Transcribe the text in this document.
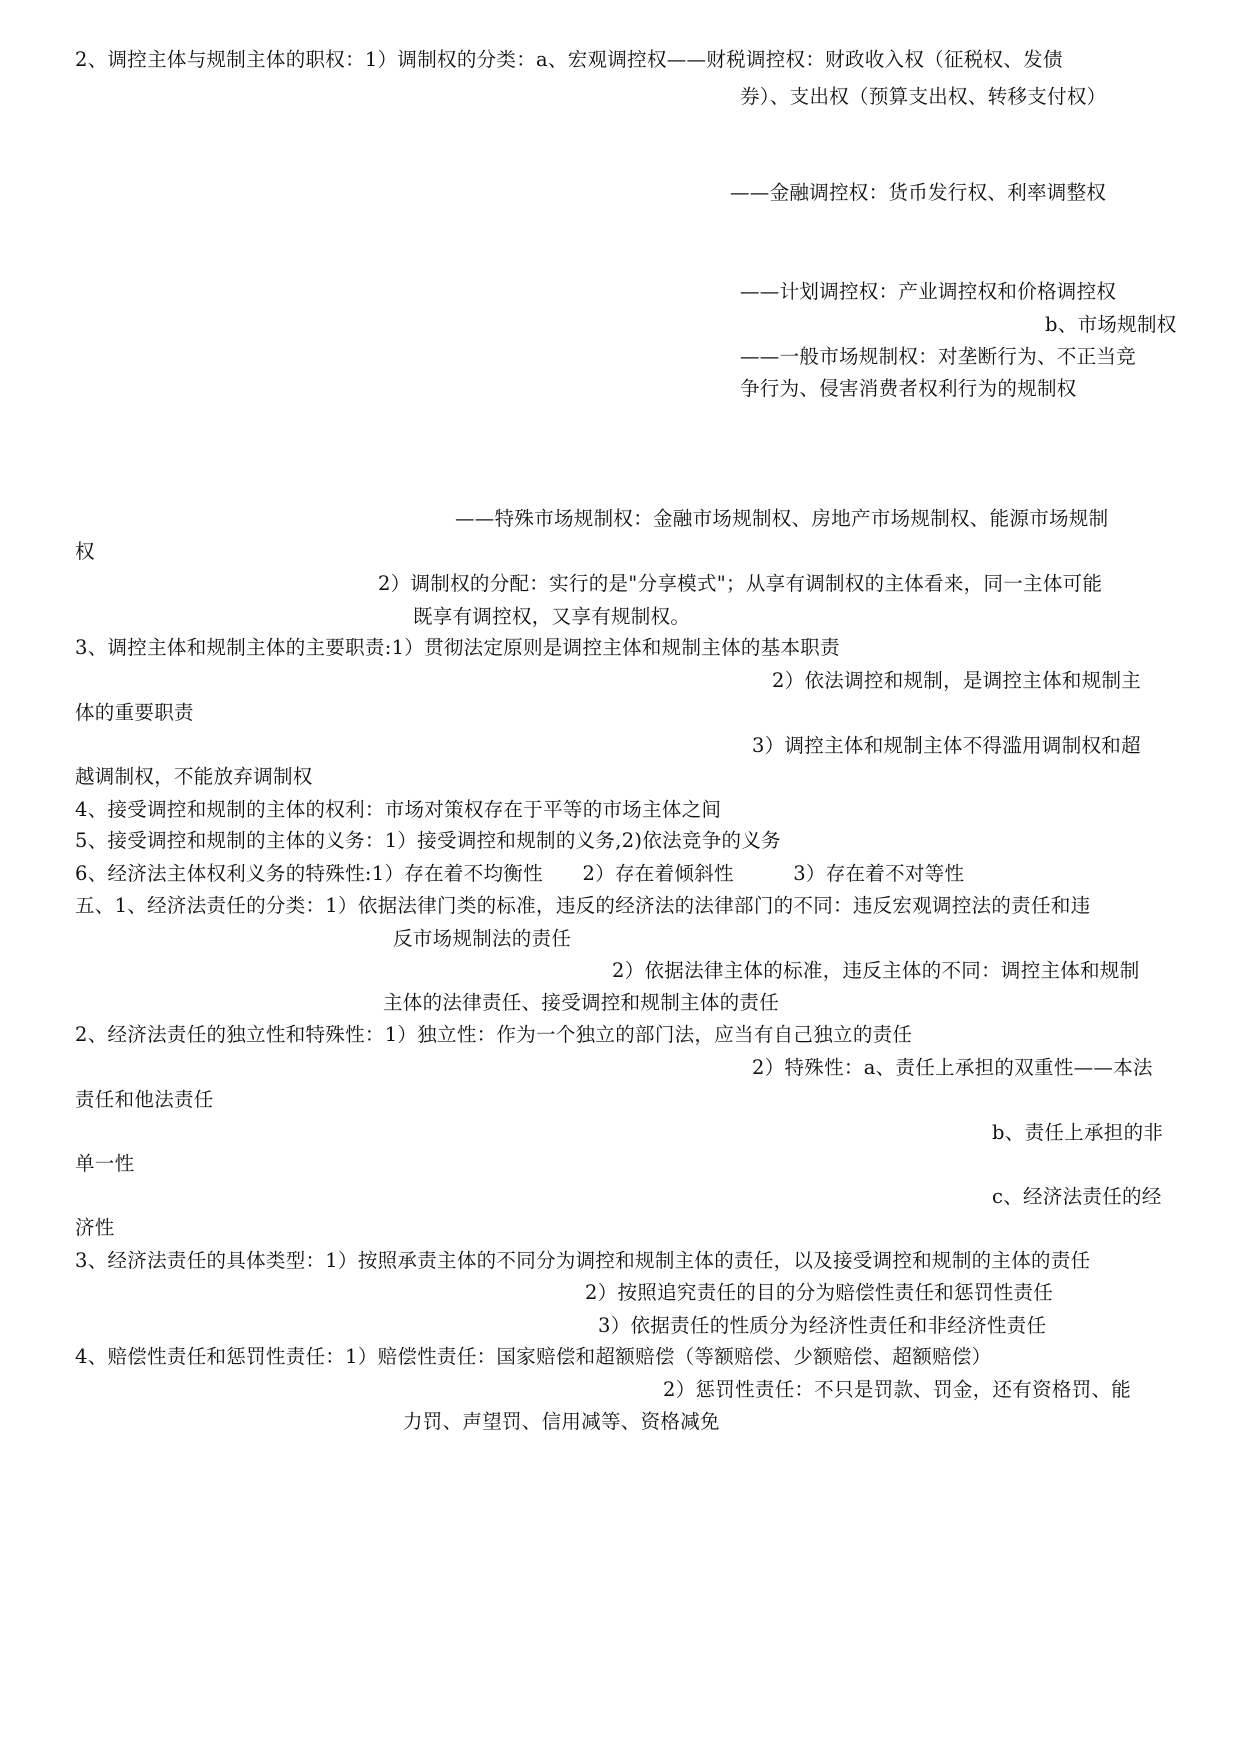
2、调控主体与规制主体的职权：1）调制权的分类：a、宏观调控权——财税调控权：财政收入权（征税权、发债
券）、支出权（预算支出权、转移支付权）
——金融调控权：货币发行权、利率调整权
——计划调控权：产业调控权和价格调控权
b、市场规制权
——一般市场规制权：对垄断行为、不正当竞
争行为、侵害消费者权利行为的规制权
——特殊市场规制权：金融市场规制权、房地产市场规制权、能源市场规制
权
2）调制权的分配：实行的是"分享模式"；从享有调制权的主体看来，同一主体可能
既享有调控权，又享有规制权。
3、调控主体和规制主体的主要职责:1）贯彻法定原则是调控主体和规制主体的基本职责
2）依法调控和规制，是调控主体和规制主
体的重要职责
3）调控主体和规制主体不得滥用调制权和超
越调制权，不能放弃调制权
4、接受调控和规制的主体的权利：市场对策权存在于平等的市场主体之间
5、接受调控和规制的主体的义务：1）接受调控和规制的义务,2)依法竞争的义务
6、经济法主体权利义务的特殊性:1）存在着不均衡性　　2）存在着倾斜性　　　3）存在着不对等性
五、1、经济法责任的分类：1）依据法律门类的标准，违反的经济法的法律部门的不同：违反宏观调控法的责任和违
反市场规制法的责任
2）依据法律主体的标准，违反主体的不同：调控主体和规制
主体的法律责任、接受调控和规制主体的责任
2、经济法责任的独立性和特殊性：1）独立性：作为一个独立的部门法，应当有自己独立的责任
2）特殊性：a、责任上承担的双重性——本法
责任和他法责任
b、责任上承担的非
单一性
c、经济法责任的经
济性
3、经济法责任的具体类型：1）按照承责主体的不同分为调控和规制主体的责任，以及接受调控和规制的主体的责任
2）按照追究责任的目的分为赔偿性责任和惩罚性责任
3）依据责任的性质分为经济性责任和非经济性责任
4、赔偿性责任和惩罚性责任：1）赔偿性责任：国家赔偿和超额赔偿（等额赔偿、少额赔偿、超额赔偿）
2）惩罚性责任：不只是罚款、罚金，还有资格罚、能
力罚、声望罚、信用减等、资格减免
